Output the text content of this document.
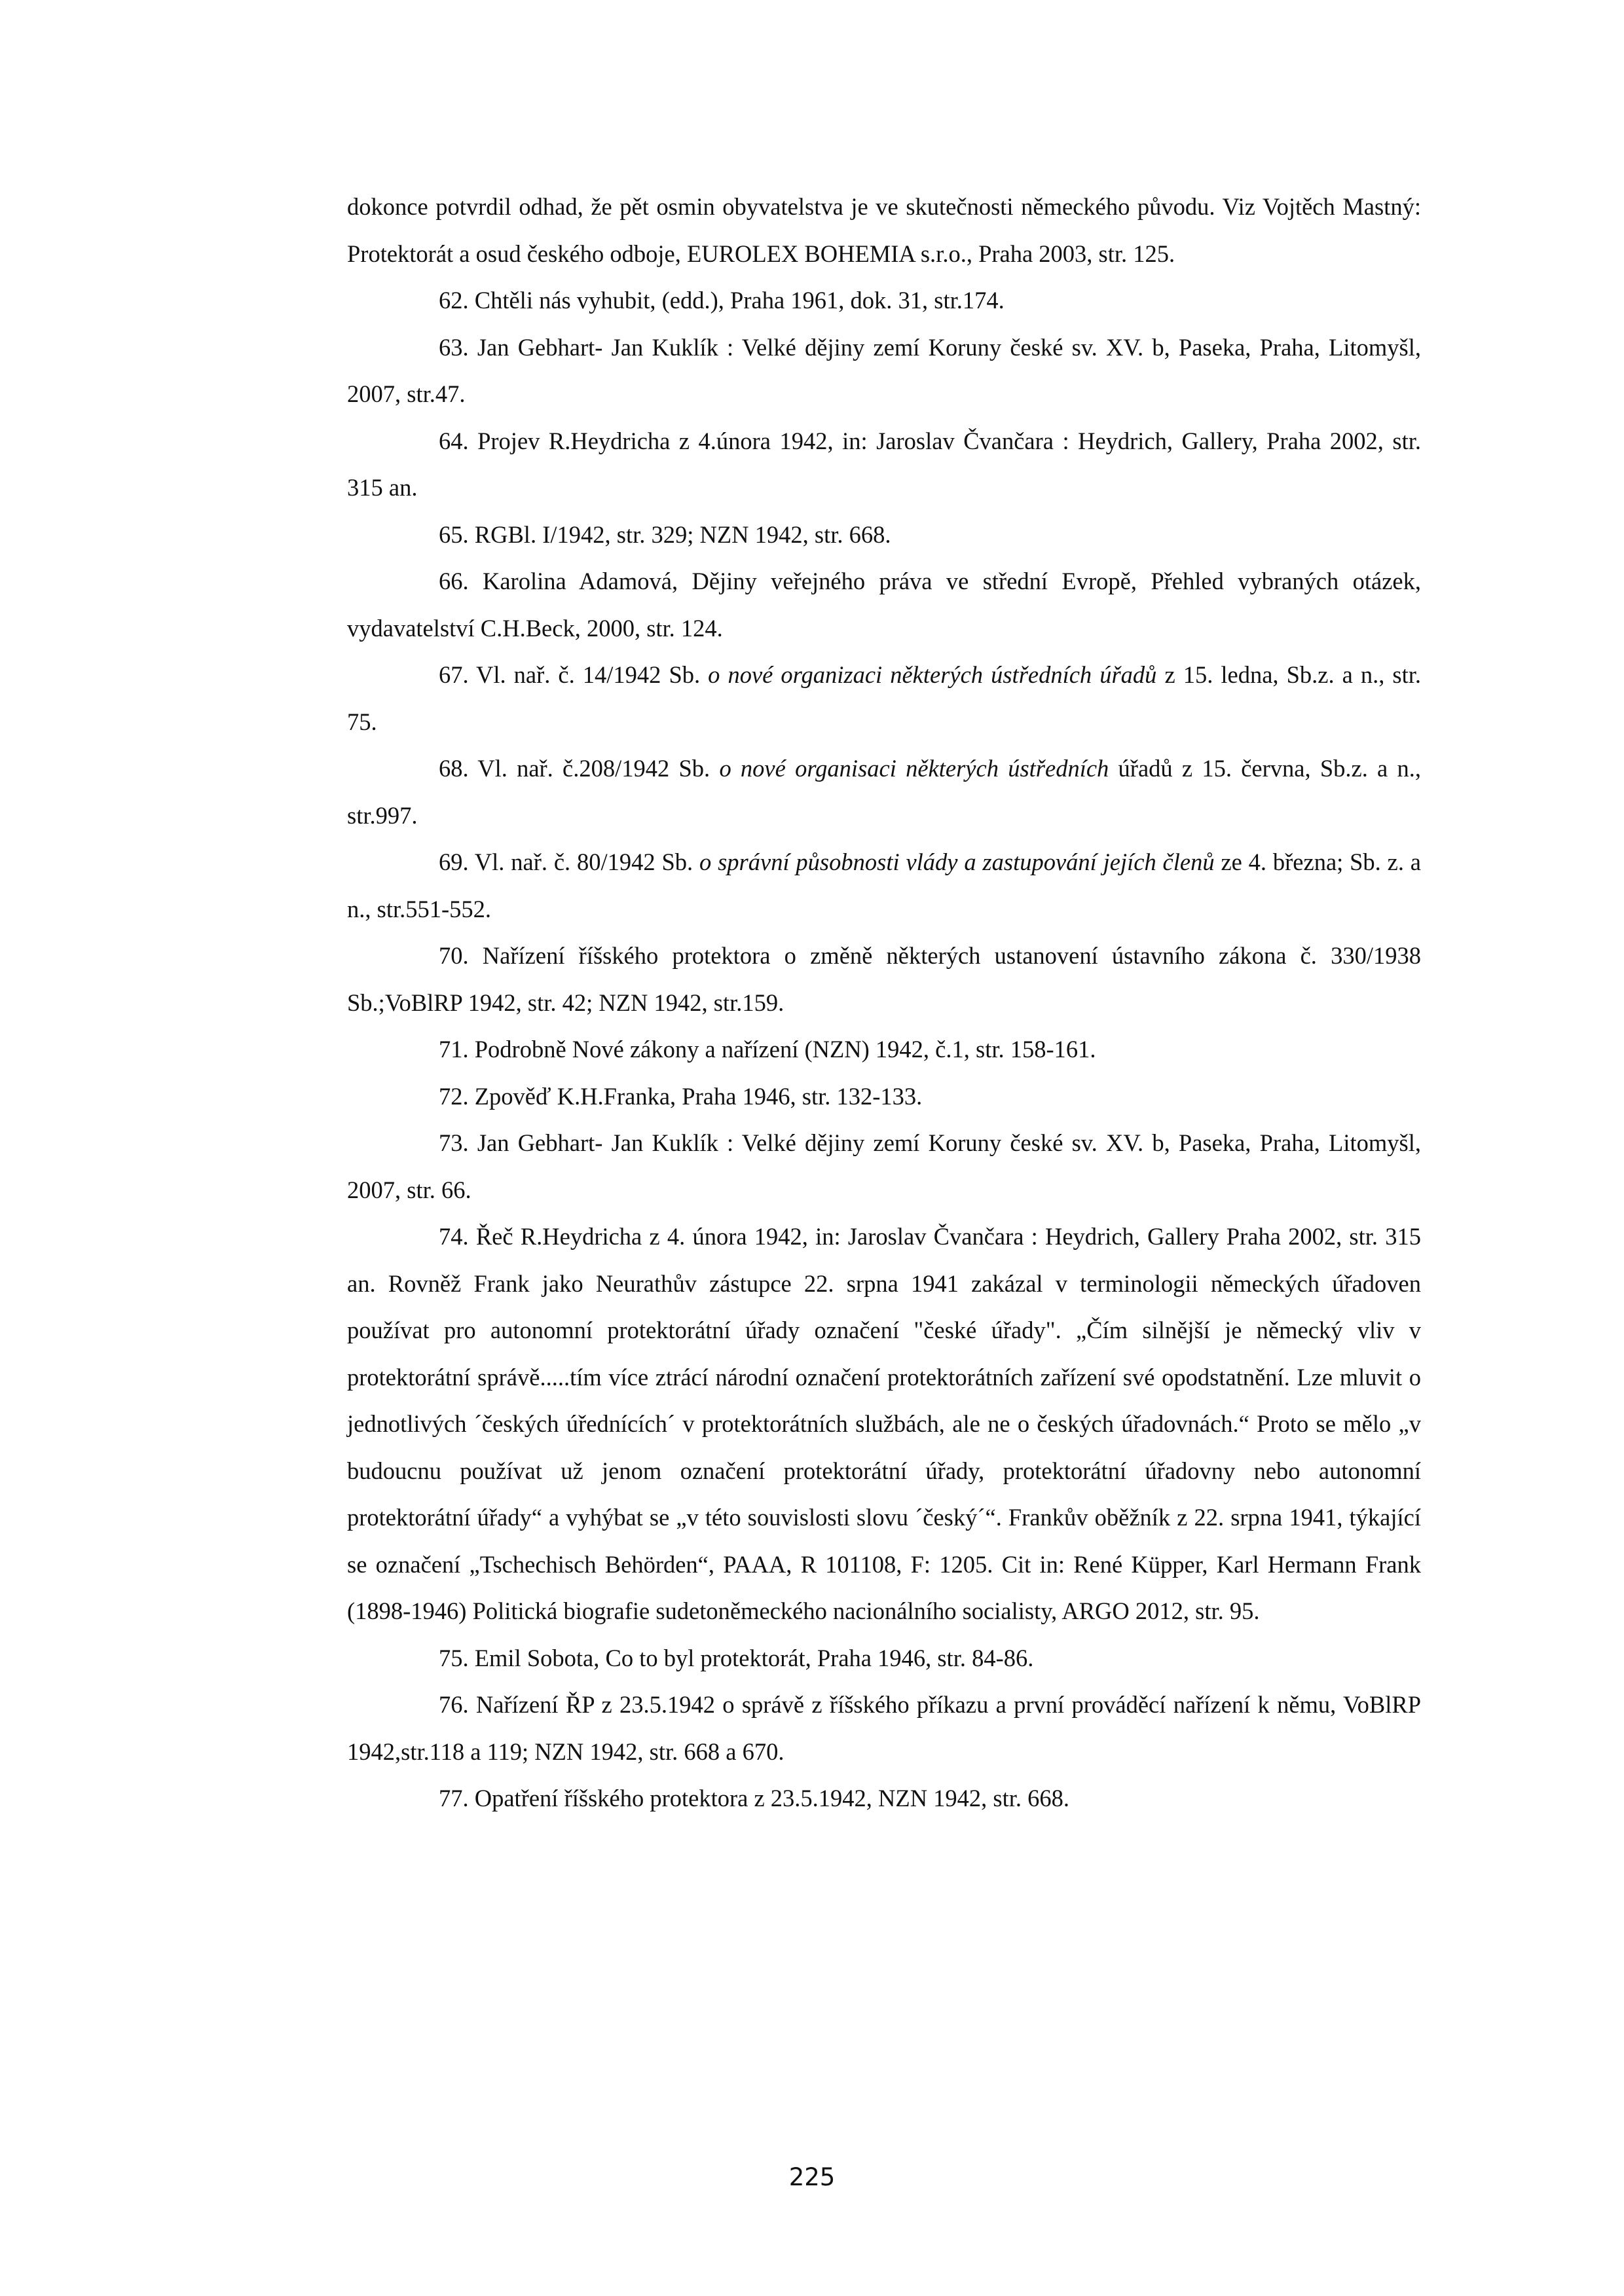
dokonce potvrdil odhad, že pět osmin obyvatelstva je ve skutečnosti německého původu. Viz Vojtěch Mastný: Protektorát a osud českého odboje, EUROLEX BOHEMIA s.r.o., Praha 2003, str. 125.

62. Chtěli nás vyhubit, (edd.), Praha 1961, dok. 31, str.174.

63. Jan Gebhart- Jan Kuklík : Velké dějiny zemí Koruny české sv. XV. b, Paseka, Praha, Litomyšl, 2007, str.47.

64. Projev R.Heydricha z 4.února 1942, in: Jaroslav Čvančara : Heydrich, Gallery, Praha 2002, str. 315 an.

65. RGBl. I/1942, str. 329; NZN 1942, str. 668.

66. Karolina Adamová, Dějiny veřejného práva ve střední Evropě, Přehled vybraných otázek, vydavatelství C.H.Beck, 2000, str. 124.

67. Vl. nař. č. 14/1942 Sb. o nové organizaci některých ústředních úřadů z 15. ledna, Sb.z. a n., str. 75.

68. Vl. nař. č.208/1942 Sb. o nové organisaci některých ústředních úřadů z 15. června, Sb.z. a n., str.997.

69. Vl. nař. č. 80/1942 Sb. o správní působnosti vlády a zastupování jejích členů ze 4. března; Sb. z. a n., str.551-552.

70. Nařízení říšského protektora o změně některých ustanovení ústavního zákona č. 330/1938 Sb.;VoBlRP 1942, str. 42; NZN 1942, str.159.

71. Podrobně Nové zákony a nařízení (NZN) 1942, č.1, str. 158-161.

72. Zpověď K.H.Franka, Praha 1946, str. 132-133.

73. Jan Gebhart- Jan Kuklík : Velké dějiny zemí Koruny české sv. XV. b, Paseka, Praha, Litomyšl, 2007, str. 66.

74. Řeč R.Heydricha z 4. února 1942, in: Jaroslav Čvančara : Heydrich, Gallery Praha 2002, str. 315 an. Rovněž Frank jako Neurathův zástupce 22. srpna 1941 zakázal v terminologii německých úřadoven používat pro autonomní protektorátní úřady označení "české úřady". „Čím silnější je německý vliv v protektorátní správě.....tím více ztrácí národní označení protektorátních zařízení své opodstatnění. Lze mluvit o jednotlivých ´českých úřednících´ v protektorátních službách, ale ne o českých úřadovnách.“ Proto se mělo „v budoucnu používat už jenom označení protektorátní úřady, protektorátní úřadovny nebo autonomní protektorátní úřady“ a vyhýbat se „v této souvislosti slovu ´český´“. Frankův oběžník z 22. srpna 1941, týkající se označení „Tschechisch Behörden“, PAAA, R 101108, F: 1205. Cit in: René Küpper, Karl Hermann Frank (1898-1946) Politická biografie sudetoněmeckého nacionálního socialisty, ARGO 2012, str. 95.

75. Emil Sobota, Co to byl protektorát, Praha 1946, str. 84-86.

76. Nařízení ŘP z 23.5.1942 o správě z říšského příkazu a první prováděcí nařízení k němu, VoBlRP 1942,str.118 a 119; NZN 1942, str. 668 a 670.

77. Opatření říšského protektora z 23.5.1942, NZN 1942, str. 668.

225
